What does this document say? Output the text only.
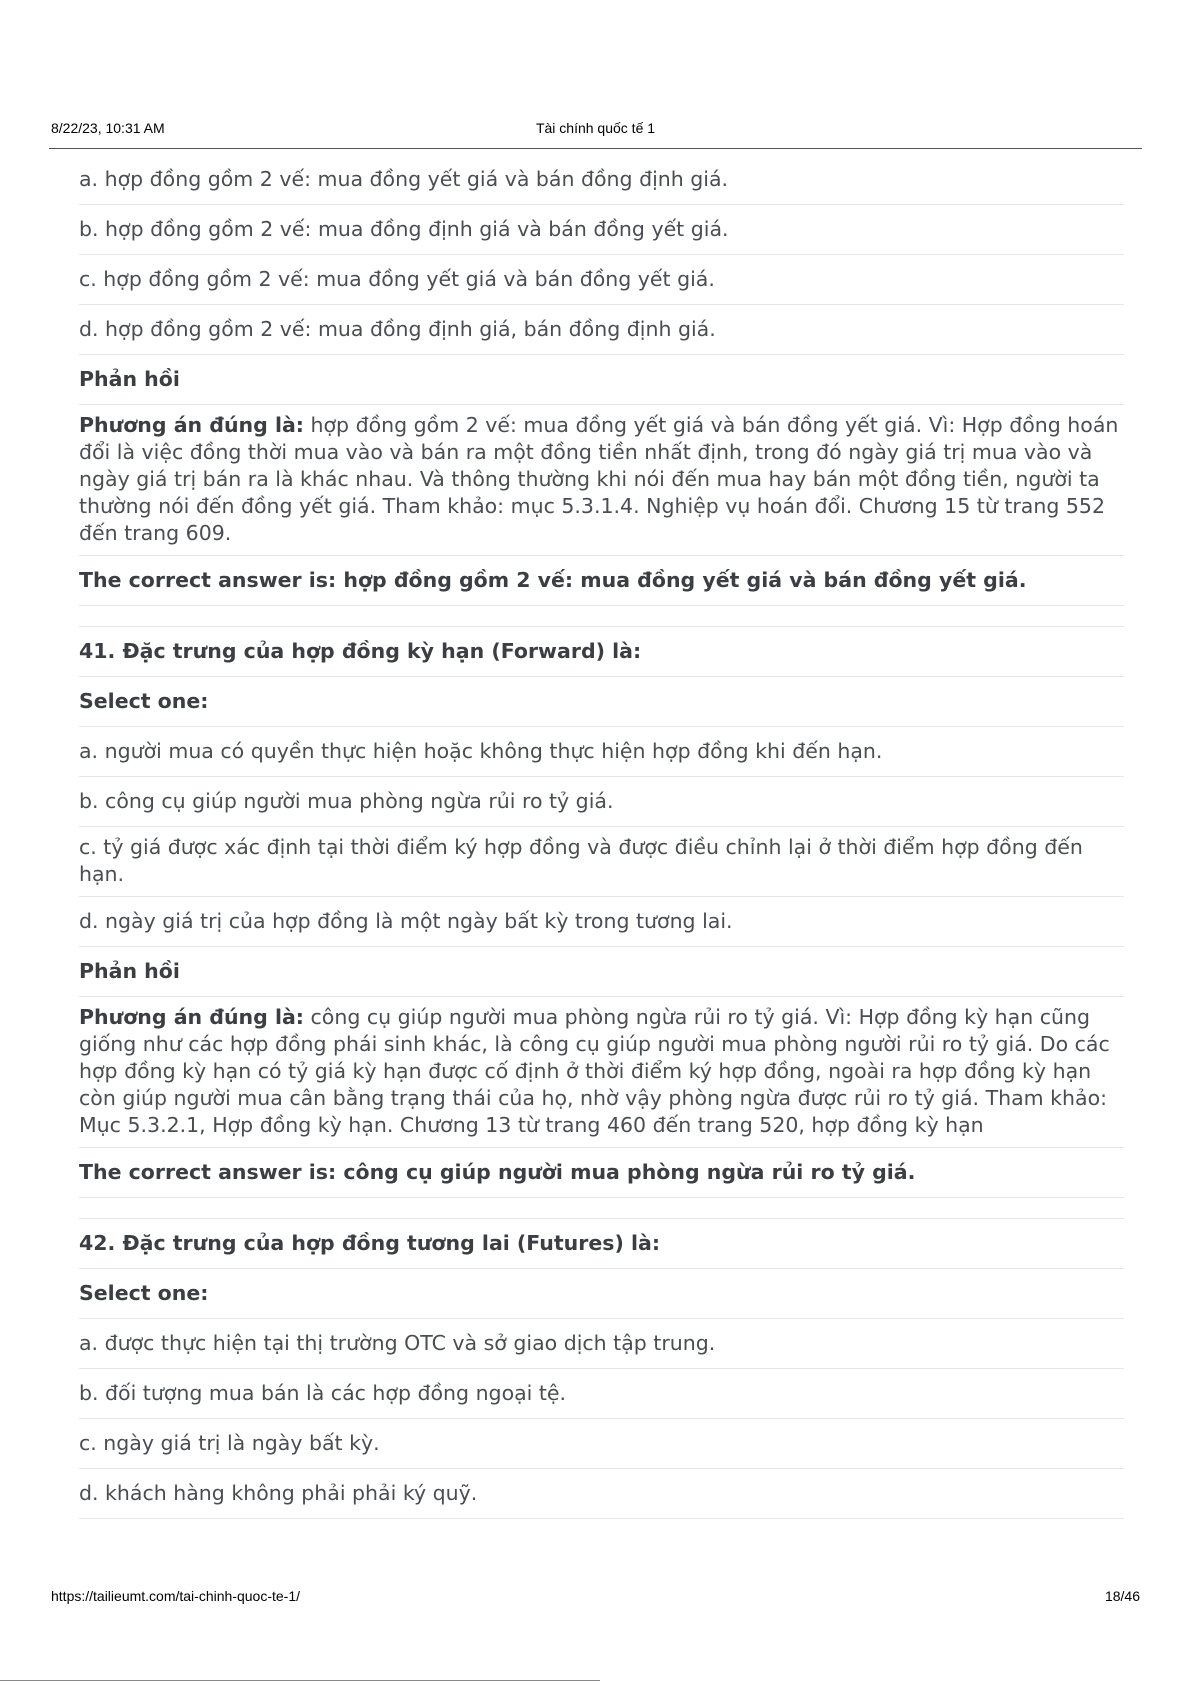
8/22/23, 10:31 AM	Tài chính quốc tế 1
a. hợp đồng gồm 2 vế: mua đồng yết giá và bán đồng định giá.
b. hợp đồng gồm 2 vế: mua đồng định giá và bán đồng yết giá.
c. hợp đồng gồm 2 vế: mua đồng yết giá và bán đồng yết giá.
d. hợp đồng gồm 2 vế: mua đồng định giá, bán đồng định giá.
Phản hồi
Phương án đúng là: hợp đồng gồm 2 vế: mua đồng yết giá và bán đồng yết giá. Vì: Hợp đồng hoán đổi là việc đồng thời mua vào và bán ra một đồng tiền nhất định, trong đó ngày giá trị mua vào và ngày giá trị bán ra là khác nhau. Và thông thường khi nói đến mua hay bán một đồng tiền, người ta thường nói đến đồng yết giá. Tham khảo: mục 5.3.1.4. Nghiệp vụ hoán đổi. Chương 15 từ trang 552 đến trang 609.
The correct answer is: hợp đồng gồm 2 vế: mua đồng yết giá và bán đồng yết giá.
41. Đặc trưng của hợp đồng kỳ hạn (Forward) là:
Select one:
a. người mua có quyền thực hiện hoặc không thực hiện hợp đồng khi đến hạn.
b. công cụ giúp người mua phòng ngừa rủi ro tỷ giá.
c. tỷ giá được xác định tại thời điểm ký hợp đồng và được điều chỉnh lại ở thời điểm hợp đồng đến hạn.
d. ngày giá trị của hợp đồng là một ngày bất kỳ trong tương lai.
Phản hồi
Phương án đúng là: công cụ giúp người mua phòng ngừa rủi ro tỷ giá. Vì: Hợp đồng kỳ hạn cũng giống như các hợp đồng phái sinh khác, là công cụ giúp người mua phòng người rủi ro tỷ giá. Do các hợp đồng kỳ hạn có tỷ giá kỳ hạn được cố định ở thời điểm ký hợp đồng, ngoài ra hợp đồng kỳ hạn còn giúp người mua cân bằng trạng thái của họ, nhờ vậy phòng ngừa được rủi ro tỷ giá. Tham khảo: Mục 5.3.2.1, Hợp đồng kỳ hạn. Chương 13 từ trang 460 đến trang 520, hợp đồng kỳ hạn
The correct answer is: công cụ giúp người mua phòng ngừa rủi ro tỷ giá.
42. Đặc trưng của hợp đồng tương lai (Futures) là:
Select one:
a. được thực hiện tại thị trường OTC và sở giao dịch tập trung.
b. đối tượng mua bán là các hợp đồng ngoại tệ.
c. ngày giá trị là ngày bất kỳ.
d. khách hàng không phải phải ký quỹ.
https://tailieumt.com/tai-chinh-quoc-te-1/	18/46
